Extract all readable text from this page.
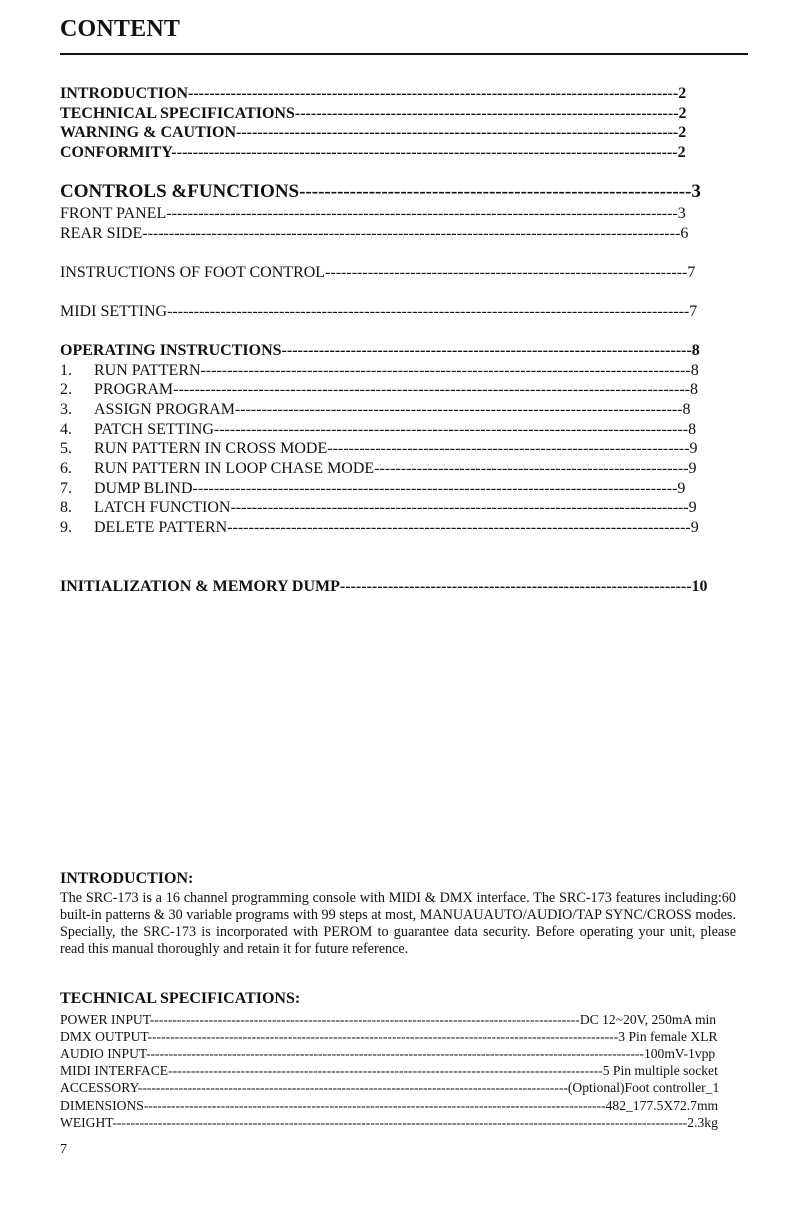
CONTENT
INTRODUCTION--------------------------------------------------------------------------------------------2
TECHNICAL SPECIFICATIONS------------------------------------------------------------------------2
WARNING & CAUTION-----------------------------------------------------------------------------------2
CONFORMITY-----------------------------------------------------------------------------------------------2
CONTROLS &FUNCTIONS--------------------------------------------------------------3
FRONT PANEL------------------------------------------------------------------------------------------------3
REAR SIDE-----------------------------------------------------------------------------------------------------6
INSTRUCTIONS OF FOOT CONTROL--------------------------------------------------------------------7
MIDI SETTING--------------------------------------------------------------------------------------------------7
OPERATING INSTRUCTIONS-----------------------------------------------------------------------------8
1. RUN PATTERN--------------------------------------------------------------------------------------------8
2. PROGRAM-------------------------------------------------------------------------------------------------8
3. ASSIGN PROGRAM------------------------------------------------------------------------------------8
4. PATCH SETTING-----------------------------------------------------------------------------------------8
5. RUN PATTERN IN CROSS MODE--------------------------------------------------------------------9
6. RUN PATTERN IN LOOP CHASE MODE-----------------------------------------------------------9
7. DUMP BLIND-------------------------------------------------------------------------------------------9
8. LATCH FUNCTION--------------------------------------------------------------------------------------9
9. DELETE PATTERN---------------------------------------------------------------------------------------9
INITIALIZATION & MEMORY DUMP------------------------------------------------------------------10
INTRODUCTION:
The SRC-173 is a 16 channel programming console with MIDI & DMX interface. The SRC-173 features including:60 built-in patterns & 30 variable programs with 99 steps at most, MANUAUAUTO/AUDIO/TAP SYNC/CROSS modes. Specially, the SRC-173 is incorporated with PEROM to guarantee data security. Before operating your unit, please read this manual thoroughly and retain it for future reference.
TECHNICAL SPECIFICATIONS:
POWER INPUT-----------------------------------------------------------------------------------------------DC 12~20V, 250mA min
DMX OUTPUT--------------------------------------------------------------------------------------------------------3 Pin female XLR
AUDIO INPUT--------------------------------------------------------------------------------------------------------------100mV-1vpp
MIDI INTERFACE------------------------------------------------------------------------------------------------5 Pin multiple socket
ACCESSORY-----------------------------------------------------------------------------------------------(Optional)Foot controller_1
DIMENSIONS------------------------------------------------------------------------------------------------------482_177.5X72.7mm
WEIGHT-------------------------------------------------------------------------------------------------------------------------------2.3kg
7
